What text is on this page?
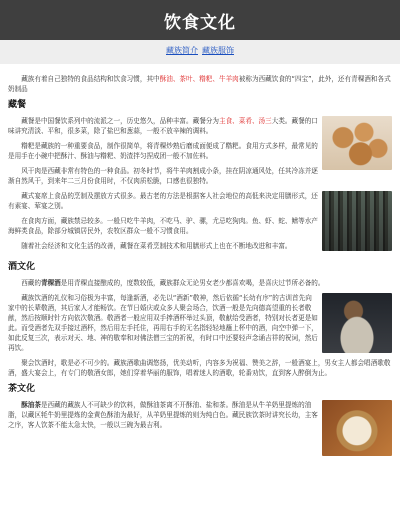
饮食文化
藏族简介 藏族服饰

藏族有着自己独特的食品结构和饮食习惯，其中酥油、茶叶、糌粑、牛羊肉被称为西藏饮食的“四宝”，此外，还有青稞酒和各式奶制品

藏餐

藏餐是中国餐饮系列中的流派之一，历史悠久，品种丰富。藏餐分为主食、菜肴、汤三大类。藏餐的口味讲究清淡、平和，很多菜，除了盐巴和葱蒜，一般不放辛辣的调料。

糌粑是藏族的一种重要食品，制作很简单，将青稞炒熟后磨成面便成了糌粑。食用方式多样，最常见的是用手在小碗中把酥汁、酥油与糌粑、奶渣拌匀捏成团一般不加佐料。

风干肉是西藏非常有特色的一种食品。初冬时节，将牛羊肉割成小条，挂在阴凉通风处，任其冷冻并逐渐自然风干，到来年二三月份食用时，不仅肉质松脆，口感也很独特。

藏式宴席上食品的烹制及摆放方式很多。最古老的方法是根据客人社会地位的高低来决定用膳形式，还有素宴、荤宴之别。

在食肉方面，藏族禁忌较多。一般只吃牛羊肉，不吃马、驴、骡，尤忌吃狗肉。鱼、虾、蛇、鳝等水产海鲜类食品，除部分城镇居民外，农牧区群众一般不习惯食用。

随着社会经济和文化生活的改善，藏餐在菜肴烹制技术和用膳形式上也在不断地改进和丰富。

酒文化

西藏的青稞酒是用青稞直接酿成的，度数较低，藏族群众无论男女老少都喜欢喝，是喜庆过节所必备的。

藏族饮酒的礼仪和习俗极为丰富，每逢新酒，必先以“酒新”敬神，然后依循“长幼有序”的古训首先向家中的长辈敬酒，其后家人才能畅饮。在节日婚庆或众多人聚会场合，饮酒一般是先向德高望重的长者敬献，然后按顺时针方向依次敬酒。敬酒者一般应用双手捧酒杯举过头顶，敬献给受酒者，特别对长者更是如此。而受酒者先双手接过酒杯，然后用左手托住，再用右手的无名指轻轻地蘸上杯中的酒，向空中弹一下，如此反复三次，表示对天、地、神的敬奉和对佛法僧三宝的祈祝，有时口中还要轻声念诵吉祥的祝词，然后再饮。

聚会饮酒时，歌是必不可少的。藏族酒歌曲调悠扬，优美动听，内容多为祝福、赞美之辞，一般酒宴上，男女主人都会唱酒歌敬酒，盛大宴会上，有专门的敬酒女郎，她们穿着华丽的服饰，唱着迷人的酒歌，轮番劝饮，直到客人醉倒为止。

茶文化

酥油茶是西藏的藏族人不可缺少的饮料，做酥油茶离不开酥油、盐和茶。酥油是从牛羊奶里提炼的油脂，以藏区牦牛奶里提炼的金黄色酥油为最好，从羊奶里提炼的则为纯白色。藏民族饮茶时讲究长幼，主客之序，客人饮茶不能太急太快，一般以三碗为最吉利。
